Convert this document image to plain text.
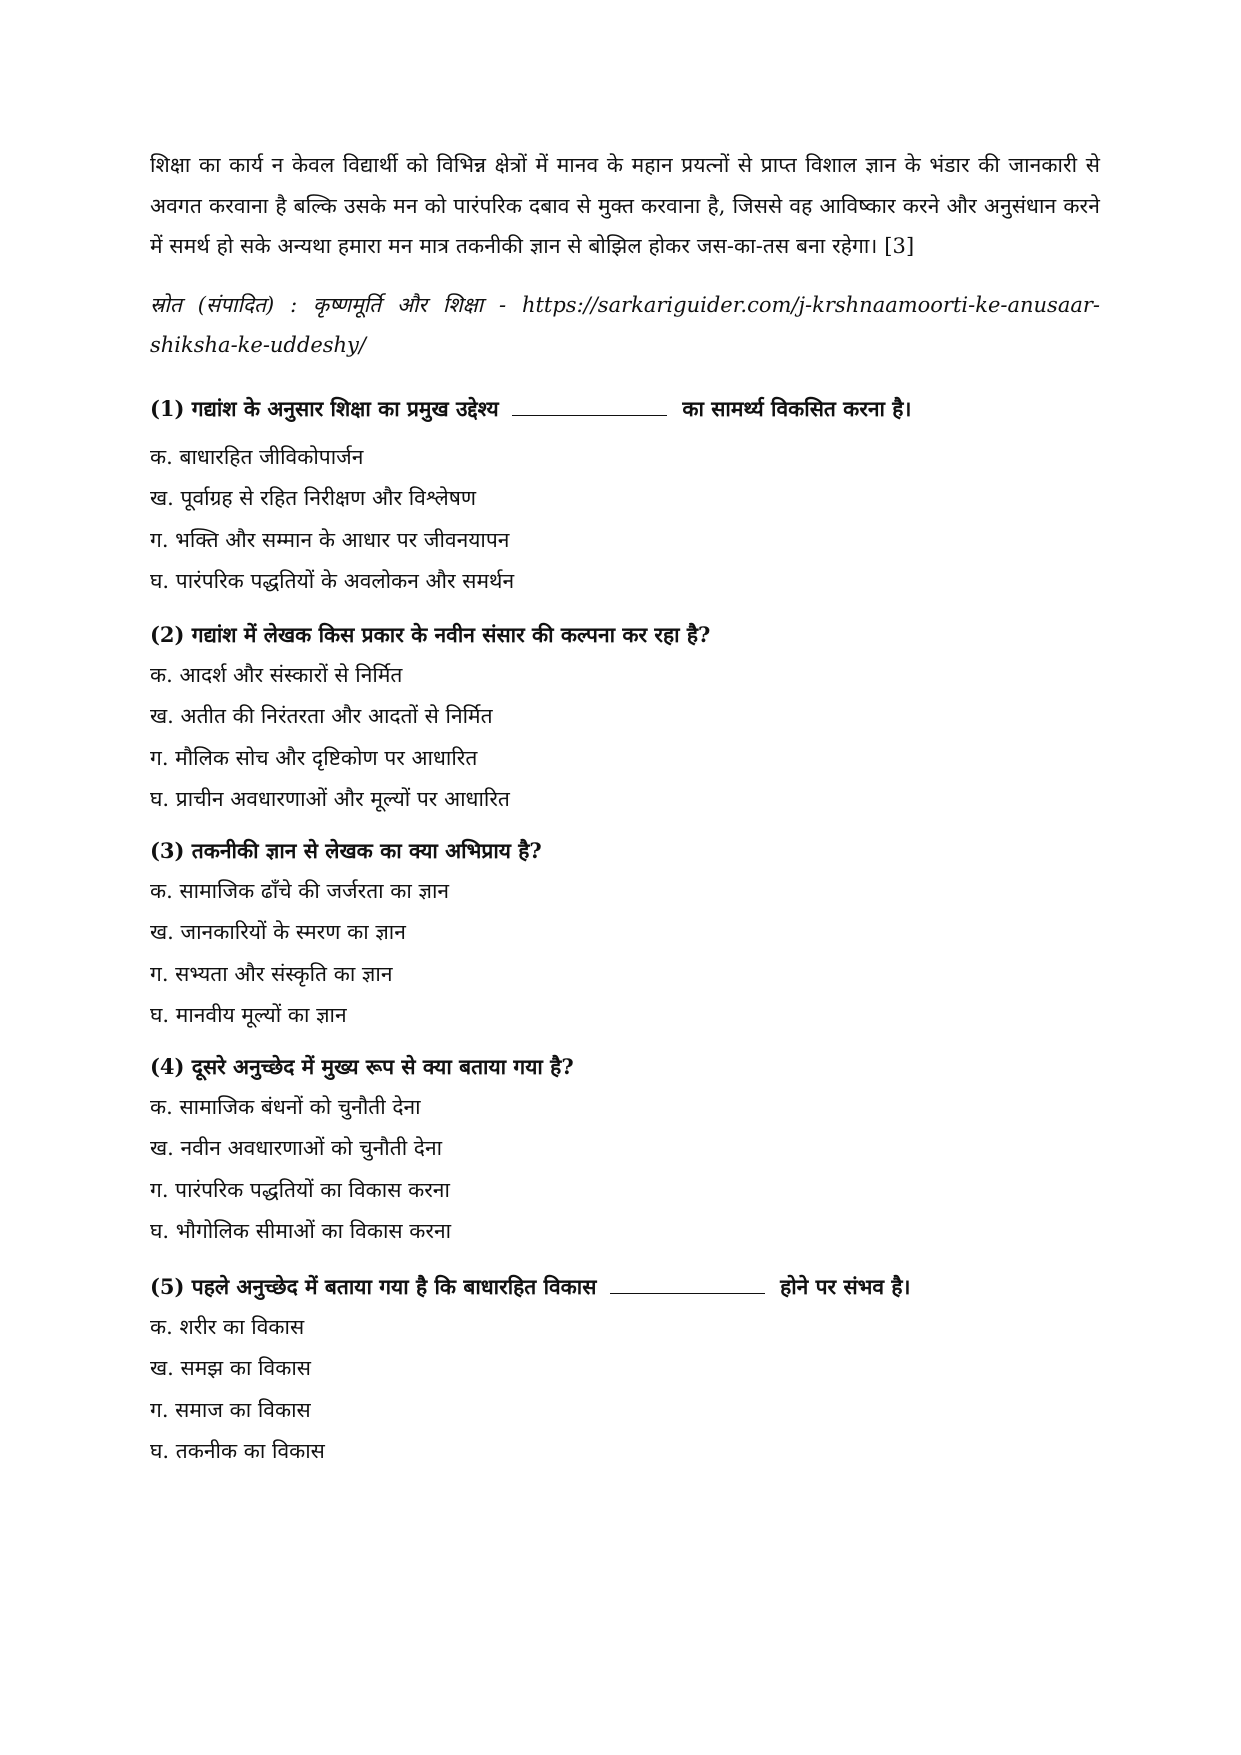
शिक्षा का कार्य न केवल विद्यार्थी को विभिन्न क्षेत्रों में मानव के महान प्रयत्नों से प्राप्त विशाल ज्ञान के भंडार की जानकारी से अवगत करवाना है बल्कि उसके मन को पारंपरिक दबाव से मुक्त करवाना है, जिससे वह आविष्कार करने और अनुसंधान करने में समर्थ हो सके अन्यथा हमारा मन मात्र तकनीकी ज्ञान से बोझिल होकर जस-का-तस बना रहेगा। [3]

स्रोत (संपादित) : कृष्णमूर्ति और शिक्षा - https://sarkariguider.com/j-krshnaamoorti-ke-anusaar-shiksha-ke-uddeshy/

(1) गद्यांश के अनुसार शिक्षा का प्रमुख उद्देश्य	का सामर्थ्य विकसित करना है।

क. बाधारहित जीविकोपार्जन
ख. पूर्वाग्रह से रहित निरीक्षण और विश्लेषण
ग. भक्ति और सम्मान के आधार पर जीवनयापन
घ. पारंपरिक पद्धतियों के अवलोकन और समर्थन

(2) गद्यांश में लेखक किस प्रकार के नवीन संसार की कल्पना कर रहा है?

क. आदर्श और संस्कारों से निर्मित
ख. अतीत की निरंतरता और आदतों से निर्मित
ग. मौलिक सोच और दृष्टिकोण पर आधारित
घ. प्राचीन अवधारणाओं और मूल्यों पर आधारित

(3) तकनीकी ज्ञान से लेखक का क्या अभिप्राय है?

क. सामाजिक ढाँचे की जर्जरता का ज्ञान
ख. जानकारियों के स्मरण का ज्ञान
ग. सभ्यता और संस्कृति का ज्ञान
घ. मानवीय मूल्यों का ज्ञान

(4) दूसरे अनुच्छेद में मुख्य रूप से क्या बताया गया है?

क. सामाजिक बंधनों को चुनौती देना
ख. नवीन अवधारणाओं को चुनौती देना
ग. पारंपरिक पद्धतियों का विकास करना
घ. भौगोलिक सीमाओं का विकास करना

(5) पहले अनुच्छेद में बताया गया है कि बाधारहित विकास	होने पर संभव है।

क. शरीर का विकास
ख. समझ का विकास
ग. समाज का विकास
घ. तकनीक का विकास
